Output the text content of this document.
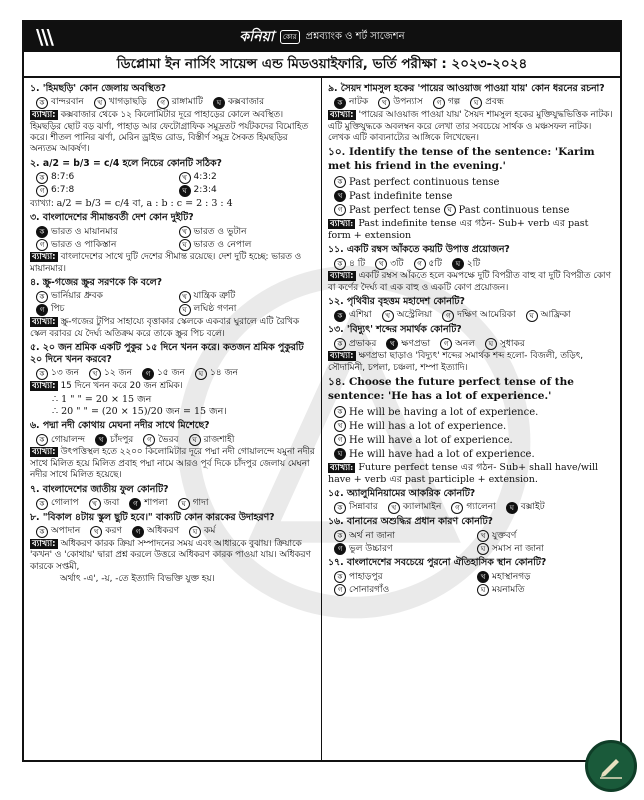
\\\	কনিয়া	কোর প্রশ্নব্যাংক ও শর্ট সাজেশন
ডিপ্লোমা ইন নার্সিং সায়েন্স এন্ড মিডওয়াইফারি, ভর্তি পরীক্ষা : ২০২৩-২০২৪
১. 'হিমছড়ি' কোন জেলায় অবস্থিত?
ক বান্দরবান	খ খাগড়াছড়ি	গ রাঙ্গামাটি	ঘ কক্সবাজার
ব্যাখ্যা: কক্সবাজার থেকে ১২ কিলোমিটার দূরে পাহাড়ের কোলে অবস্থিত। হিমছড়ির ছোট বড় ঝর্ণা, পাহাড় আর ফেটোগ্রাফিক সমুদ্রতট পর্যটকদের বিমোহিত করে। শীতল পানির ঝর্ণা, মেরিন ড্রাইভ রোড, বিস্তীর্ণ সমুদ্র সৈকত হিমছড়ির অন্যতম আকর্ষণ।
২. a/2 = b/3 = c/4 হলে নিচের কোনটি সঠিক?
ক 8:7:6	খ 4:3:2
গ 6:7:8	ঘ 2:3:4
ব্যাখ্যা: a/2 = b/3 = c/4 বা, a : b : c = 2 : 3 : 4
৩. বাংলাদেশের সীমান্তবর্তী দেশ কোন দুইটি?
ক ভারত ও মায়ানমার	খ ভারত ও ভুটান
গ ভারত ও পাকিস্তান	ঘ ভারত ও নেপাল
ব্যাখ্যা: বাংলাদেশের সাথে দুটি দেশের সীমান্ত রয়েছে। দেশ দুটি হচ্ছে: ভারত ও মায়ানমার।
৪. স্ক্রু-গজের স্ক্রুর সরণকে কি বলে?
ক ভার্নিয়ার ধ্রুবক	খ যান্ত্রিক ত্রুটি
গ পিচ	ঘ লঘিষ্ঠ গণনা
ব্যাখ্যা: স্ক্রু-গজের টুপির সাহায্যে বৃত্তাকার স্কেলকে একবার ঘুরালে এটি রৈখিক স্কেল বরাবর যে দৈর্ঘ্য অতিক্রম করে তাকে স্ক্রুর পিচ বলে।
৫. ২০ জন শ্রমিক একটি পুকুর ১৫ দিনে খনন করে। কতজন শ্রমিক পুকুরটি ২০ দিনে খনন করবে?
ক ১৩ জন	খ ১২ জন	গ ১৫ জন	ঘ ১৪ জন
ব্যাখ্যা: 15 দিনে খনন করে 20 জন শ্রমিক।
∴ 1 " " = 20 × 15 জন
∴ 20 " " = (20 × 15)/20 জন = 15 জন।
৬. পদ্মা নদী কোথায় মেঘনা নদীর সাথে মিশেছে?
ক গোয়ালন্দ	খ চাঁদপুর	গ ভৈরব	ঘ রাজশাহী
ব্যাখ্যা: উৎপত্তিস্থল হতে ২২০০ কিলোমিটার দূরে পদ্মা নদী গোয়ালন্দে যমুনা নদীর সাথে মিলিত হয়ে মিলিত প্রবাহ পদ্মা নামে আরও পূর্ব দিকে চাঁদপুর জেলায় মেঘনা নদীর সাথে মিলিত হয়েছে।
৭. বাংলাদেশের জাতীয় ফুল কোনটি?
ক গোলাপ	খ জবা	গ শাপলা	ঘ গাদা
৮. "বিকাল ৪টায় স্কুল ছুটি হবে।" বাক্যটি কোন কারকের উদাহরণ?
ক অপাদান	খ করণ	গ অধিকরণ	ঘ কর্ম
ব্যাখ্যা: অধিকরণ কারক ক্রিয়া সম্পাদনের সময় এবং আধারকে বুঝায়। ক্রিয়াকে 'কখন' ও 'কোথায়' দ্বারা প্রশ্ন করলে উত্তরে অধিকরণ কারক পাওয়া যায়। অধিকরণ কারকে সপ্তমী,
অর্থাৎ -এ', -য়, -তে ইত্যাদি বিভক্তি যুক্ত হয়।
৯. সৈয়দ শামসুল হকের 'পায়ের আওয়াজ পাওয়া যায়' কোন ধরনের রচনা?
ক নাটক	খ উপন্যাস	গ গল্প	ঘ প্রবন্ধ
ব্যাখ্যা: 'পায়ের আওয়াজ পাওয়া যায়' সৈয়দ শামসুল হকের মুক্তিযুদ্ধভিত্তিক নাটক। এটি মুক্তিযুদ্ধকে অবলম্বন করে লেখা তার সবচেয়ে সার্থক ও মঞ্চসফল নাটক। লেখক এটি কাব্যনাট্যের আঙ্গিকে লিখেছেন।
১০. Identify the tense of the sentence: 'Karim met his friend in the evening.'
ক Past perfect continuous tense
খ Past indefinite tense
গ Past perfect tense ঘ Past continuous tense
ব্যাখ্যা: Past indefinite tense এর গঠন- Sub+ verb এর past form + extension
১১. একটি রম্বস আঁকতে কয়টি উপাত্ত প্রয়োজন?
ক ৪ টি	খ ৩টি	গ ৫টি	ঘ ২টি
ব্যাখ্যা: একটি রম্বস আঁকতে হলে কমপক্ষে দুটি বিপরীত বাহু বা দুটি বিপরীত কোণ বা কর্ণের দৈর্ঘ্য বা এক বাহু ও একটি কোণ প্রয়োজন।
১২. পৃথিবীর বৃহত্তম মহাদেশ কোনটি?
ক এশিয়া	খ অস্ট্রেলিয়া	গ দক্ষিণ আমেরিকা	ঘ আফ্রিকা
১৩. 'বিদ্যুৎ' শব্দের সমার্থক কোনটি?
ক প্রভাকর	খ ক্ষণপ্রভা	গ অনল	ঘ সুধাকর
ব্যাখ্যা: ক্ষণপ্রভা ছাড়াও 'বিদ্যুৎ' শব্দের সমার্থক শব্দ হলো- বিজলী, তড়িৎ, সৌদামিনী, চপলা, চঞ্চলা, শম্পা ইত্যাদি।
১৪. Choose the future perfect tense of the sentence: 'He has a lot of experience.'
ক He will be having a lot of experience.
খ He will has a lot of experience.
গ He will have a lot of experience.
ঘ He will have had a lot of experience.
ব্যাখ্যা: Future perfect tense এর গঠন- Sub+ shall have/will have + verb এর past participle + extension.
১৫. অ্যালুমিনিয়ামের আকরিক কোনটি?
ক সিন্নাবার	খ ক্যালামাইন	গ গ্যালেনা	ঘ বক্সাইট
১৬. বানানের অশুদ্ধির প্রধান কারণ কোনটি?
ক অর্থ না জানা	খ যুক্তবর্ণ
গ ভুল উচ্চারণ	ঘ সমাস না জানা
১৭. বাংলাদেশের সবচেয়ে পুরনো ঐতিহাসিক স্থান কোনটি?
ক পাহাড়পুর	খ মহাস্থানগড়
গ সোনারগাঁও	ঘ ময়নামতি
